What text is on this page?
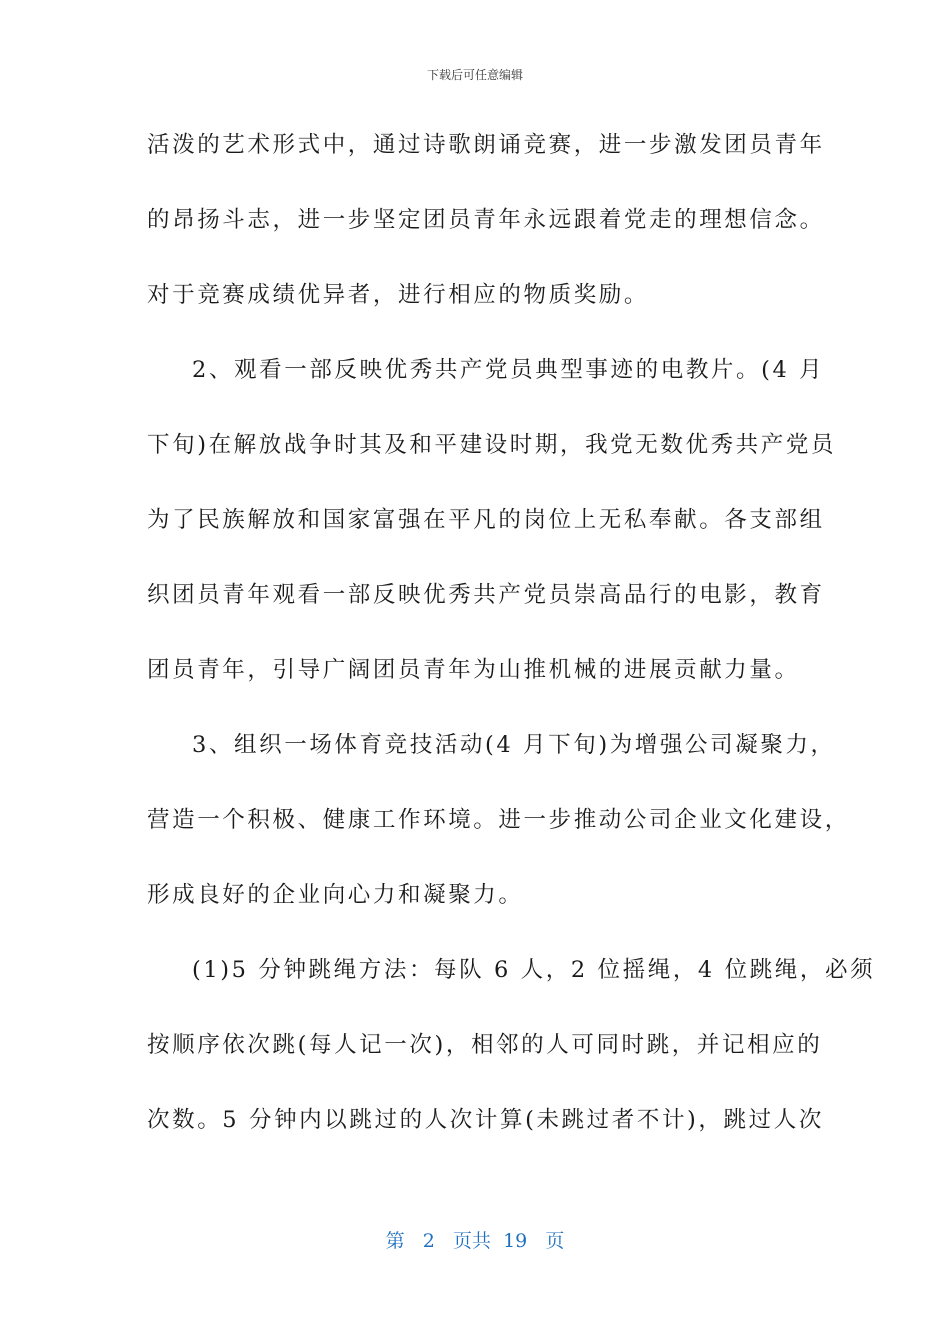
下载后可任意编辑
活泼的艺术形式中，通过诗歌朗诵竞赛，进一步激发团员青年
的昂扬斗志，进一步坚定团员青年永远跟着党走的理想信念。
对于竞赛成绩优异者，进行相应的物质奖励。
2、观看一部反映优秀共产党员典型事迹的电教片。(4 月
下旬)在解放战争时其及和平建设时期，我党无数优秀共产党员
为了民族解放和国家富强在平凡的岗位上无私奉献。各支部组
织团员青年观看一部反映优秀共产党员崇高品行的电影，教育
团员青年，引导广阔团员青年为山推机械的进展贡献力量。
3、组织一场体育竞技活动(4 月下旬)为增强公司凝聚力，
营造一个积极、健康工作环境。进一步推动公司企业文化建设，
形成良好的企业向心力和凝聚力。
(1)5 分钟跳绳方法：每队 6 人，2 位摇绳，4 位跳绳，必须
按顺序依次跳(每人记一次)，相邻的人可同时跳，并记相应的
次数。5 分钟内以跳过的人次计算(未跳过者不计)，跳过人次
第 2 页共 19 页
